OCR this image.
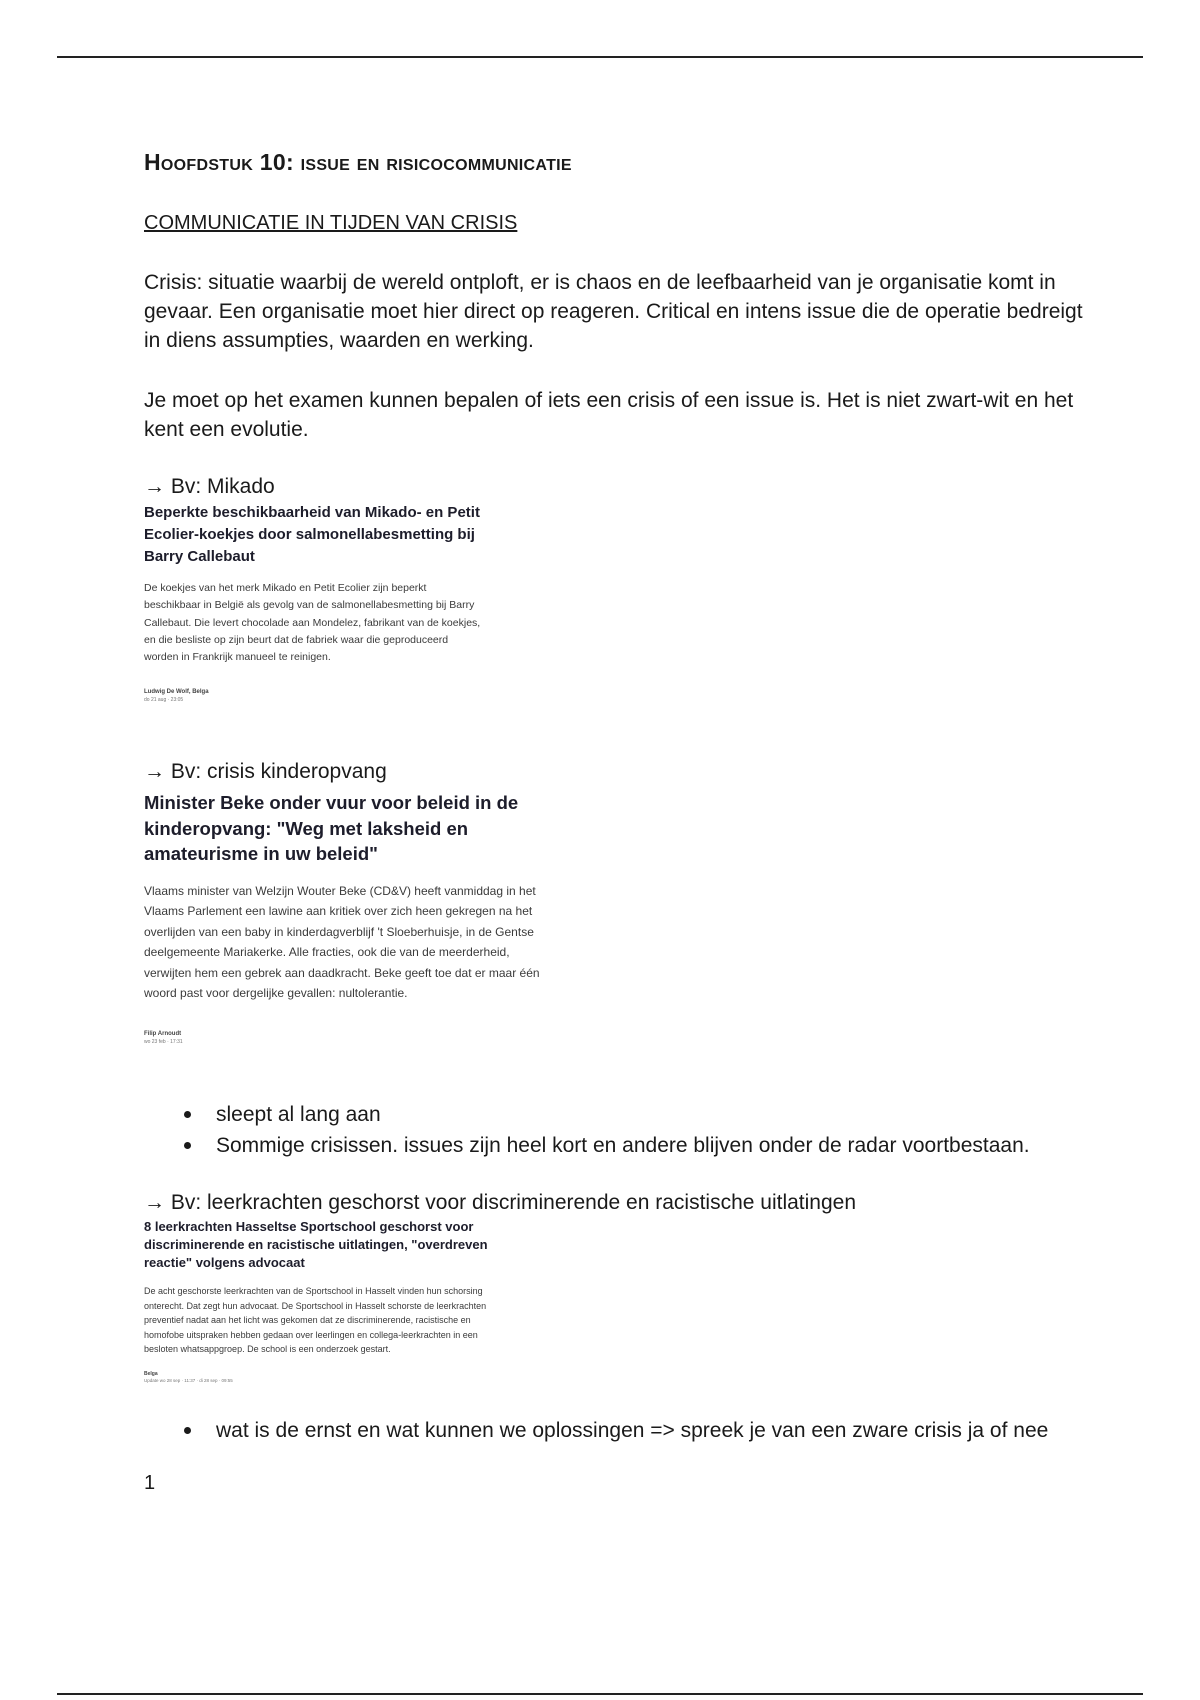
Hoofdstuk 10: issue en risicocommunicatie
COMMUNICATIE IN TIJDEN VAN CRISIS
Crisis: situatie waarbij de wereld ontploft, er is chaos en de leefbaarheid van je organisatie komt in gevaar. Een organisatie moet hier direct op reageren. Critical en intens issue die de operatie bedreigt in diens assumpties, waarden en werking.
Je moet op het examen kunnen bepalen of iets een crisis of een issue is. Het is niet zwart-wit en het kent een evolutie.
→ Bv: Mikado
Beperkte beschikbaarheid van Mikado- en Petit Ecolier-koekjes door salmonellabesmetting bij Barry Callebaut
De koekjes van het merk Mikado en Petit Ecolier zijn beperkt beschikbaar in België als gevolg van de salmonellabesmetting bij Barry Callebaut. Die levert chocolade aan Mondelez, fabrikant van de koekjes, en die besliste op zijn beurt dat de fabriek waar die geproduceerd worden in Frankrijk manueel te reinigen.
Ludwig De Wolf, Belga
do 21 aug · 23:05
→ Bv: crisis kinderopvang
Minister Beke onder vuur voor beleid in de kinderopvang: "Weg met laksheid en amateurisme in uw beleid"
Vlaams minister van Welzijn Wouter Beke (CD&V) heeft vanmiddag in het Vlaams Parlement een lawine aan kritiek over zich heen gekregen na het overlijden van een baby in kinderdagverblijf 't Sloeberhuisje, in de Gentse deelgemeente Mariakerke. Alle fracties, ook die van de meerderheid, verwijten hem een gebrek aan daadkracht. Beke geeft toe dat er maar één woord past voor dergelijke gevallen: nultolerantie.
Filip Arnoudt
wo 23 feb · 17:31
sleept al lang aan
Sommige crisissen. issues zijn heel kort en andere blijven onder de radar voortbestaan.
→ Bv: leerkrachten geschorst voor discriminerende en racistische uitlatingen
8 leerkrachten Hasseltse Sportschool geschorst voor discriminerende en racistische uitlatingen, "overdreven reactie" volgens advocaat
De acht geschorste leerkrachten van de Sportschool in Hasselt vinden hun schorsing onterecht. Dat zegt hun advocaat. De Sportschool in Hasselt schorste de leerkrachten preventief nadat aan het licht was gekomen dat ze discriminerende, racistische en homofobe uitspraken hebben gedaan over leerlingen en collega-leerkrachten in een besloten whatsappgroep. De school is een onderzoek gestart.
Belga
Update wo 28 sep · 11:37 · di 28 sep · 09:55
wat is de ernst en wat kunnen we oplossingen => spreek je van een zware crisis ja of nee
1
